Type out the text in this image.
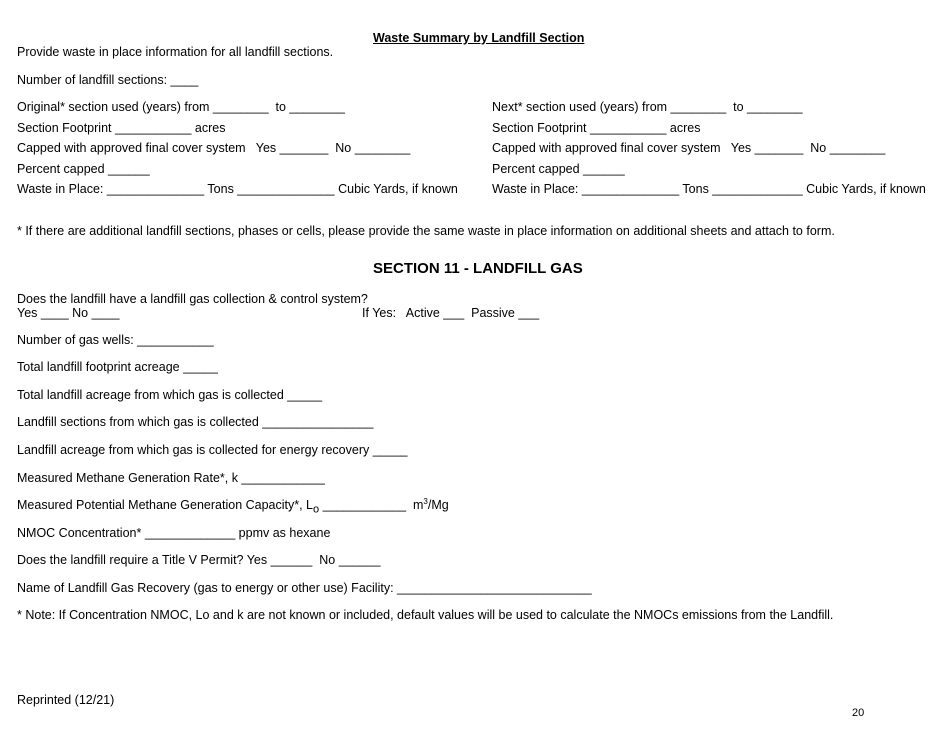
Waste Summary by Landfill Section
Provide waste in place information for all landfill sections.
Number of landfill sections: ____
Original* section used (years) from ________  to ________
Section Footprint ___________ acres
Capped with approved final cover system   Yes _______  No ________
Percent capped ______
Waste in Place: ______________ Tons ______________ Cubic Yards, if known
Next* section used (years) from ________  to ________
Section Footprint ___________ acres
Capped with approved final cover system   Yes _______  No ________
Percent capped ______
Waste in Place: ______________ Tons _____________ Cubic Yards, if known
* If there are additional landfill sections, phases or cells, please provide the same waste in place information on additional sheets and attach to form.
SECTION 11 - LANDFILL GAS
Does the landfill have a landfill gas collection & control system?
Yes ____ No ____	If Yes:   Active ___  Passive ___
Number of gas wells: ___________
Total landfill footprint acreage _____
Total landfill acreage from which gas is collected _____
Landfill sections from which gas is collected ________________
Landfill acreage from which gas is collected for energy recovery _____
Measured Methane Generation Rate*, k ____________
Measured Potential Methane Generation Capacity*, $L_o$ ____________  $m^3/Mg$
NMOC Concentration* _____________ ppmv as hexane
Does the landfill require a Title V Permit? Yes ______  No ______
Name of Landfill Gas Recovery (gas to energy or other use) Facility: ____________________________
* Note: If Concentration NMOC, Lo and k are not known or included, default values will be used to calculate the NMOCs emissions from the Landfill.
Reprinted (12/21)
20
